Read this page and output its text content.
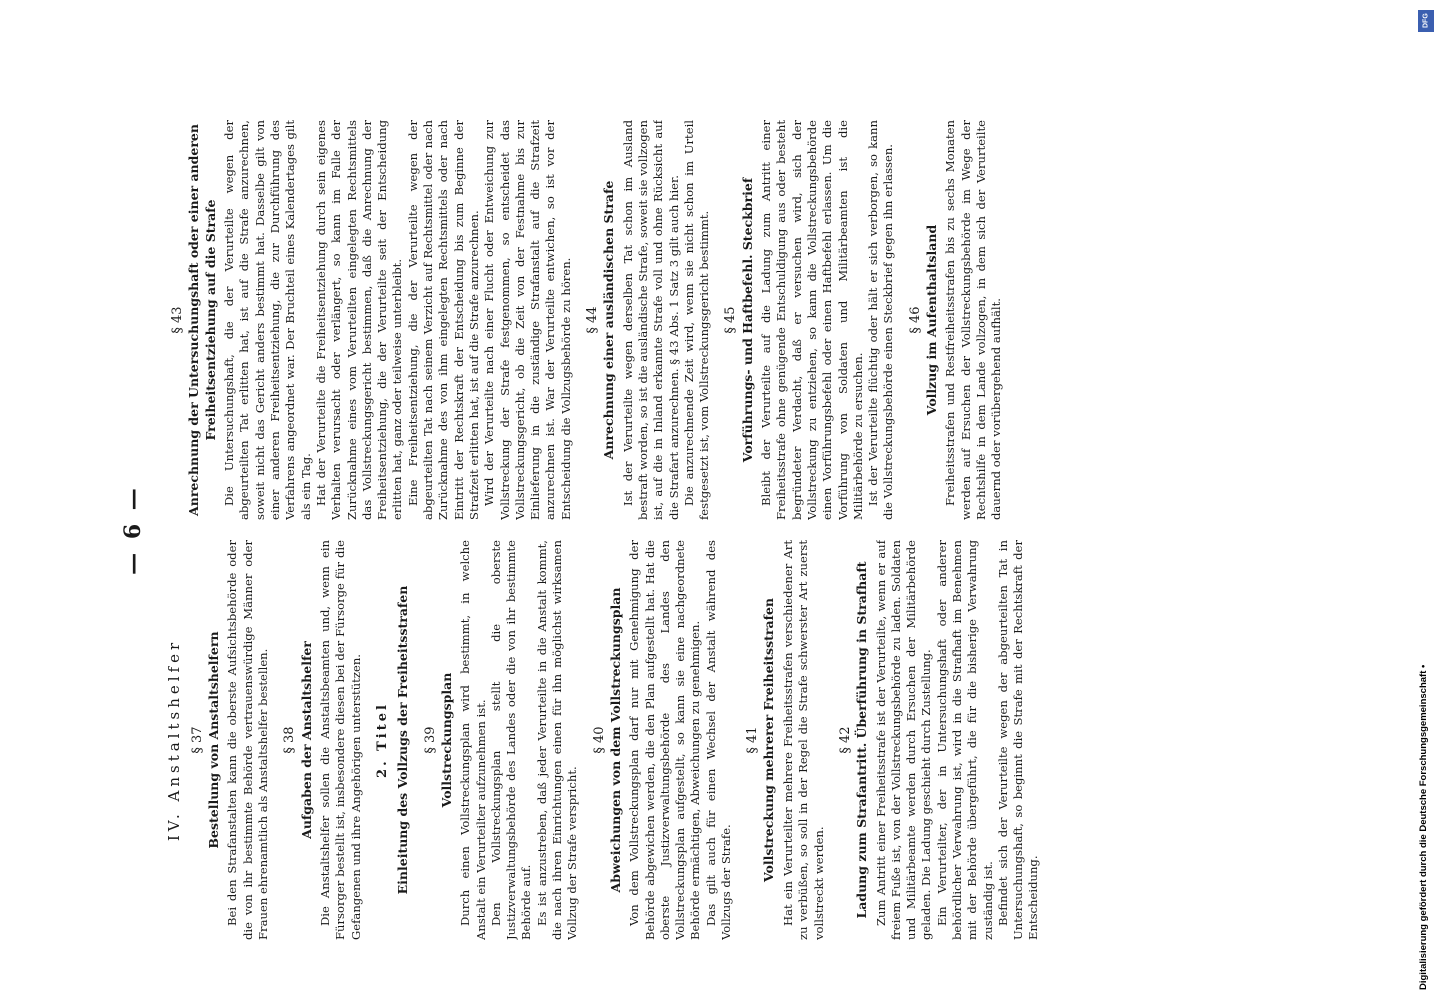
— 6 —
IV. Anstaltshelfer § 37 Bestellung von Anstaltshelfern Bei den Strafanstalten kann die oberste Aufsichtsbehörde oder die von ihr bestimmte Behörde vertrauenswürdige Männer oder Frauen ehrenamtlich als Anstaltshelfer bestellen. § 38 Aufgaben der Anstaltshelfer Die Anstaltshelfer sollen die Anstaltsbeamten und, wenn ein Fürsorger bestellt ist, insbesondere diesen bei der Fürsorge für die Gefangenen und ihre Angehörigen unterstützen. 2. Titel Einleitung des Vollzugs der Freiheitsstrafen § 39 Vollstreckungsplan Durch einen Vollstreckungsplan wird bestimmt, in welche Anstalt ein Verurteilter aufzunehmen ist. Den Vollstreckungsplan stellt die oberste Justizverwaltungsbehörde des Landes oder die von ihr bestimmte Behörde auf. Es ist anzustreben, daß jeder Verurteilte in die Anstalt kommt, die nach ihren Einrichtungen einen für ihn möglichst wirksamen Vollzug der Strafe verspricht.

§ 40 Abweichungen von dem Vollstreckungsplan Von dem Vollstreckungsplan darf nur mit Genehmigung der Behörde abgewichen werden, die den Plan aufgestellt hat. Hat die oberste Justizverwaltungsbehörde des Landes den Vollstreckungsplan aufgestellt, so kann sie eine nachgeordnete Behörde ermächtigen, Abweichungen zu genehmigen. Das gilt auch für einen Wechsel der Anstalt während des Vollzugs der Strafe.

§ 41 Vollstreckung mehrerer Freiheitsstrafen Hat ein Verurteilter mehrere Freiheitsstrafen verschiedener Art zu verbüßen, so soll in der Regel die Strafe schwerster Art zuerst vollstreckt werden.

§ 42 Ladung zum Strafantritt. Überführung in Strafhaft Zum Antritt einer Freiheitsstrafe ist der Verurteilte, wenn er auf freiem Fuße ist, von der Vollstreckungsbehörde zu laden. Soldaten und Militärbeamte werden durch Ersuchen der Militärbehörde geladen. Die Ladung geschieht durch Zustellung. Ein Verurteilter, der in Untersuchungshaft oder anderer behördlicher Verwahrung ist, wird in die Strafhaft im Benehmen mit der Behörde übergeführt, die für die bisherige Verwahrung zuständig ist. Befindet sich der Verurteilte wegen der abgeurteilten Tat in Untersuchungshaft, so beginnt die Strafe mit der Rechtskraft der Entscheidung.

§ 43 Anrechnung der Untersuchungshaft oder einer anderen Freiheitsentziehung auf die Strafe Die Untersuchungshaft, die der Verurteilte wegen der abgeurteilten Tat erlitten hat, ist auf die Strafe anzurechnen, soweit nicht das Gericht anders bestimmt hat. Dasselbe gilt von einer anderen Freiheitsentziehung, die zur Durchführung des Verfahrens angeordnet war. Der Bruchteil eines Kalendertages gilt als ein Tag. Hat der Verurteilte die Freiheitsentziehung durch sein eigenes Verhalten verursacht oder verlängert, so kann im Falle der Zurücknahme eines vom Verurteilten eingelegten Rechtsmittels das Vollstreckungsgericht bestimmen, daß die Anrechnung der Freiheitsentziehung, die der Verurteilte seit der Entscheidung erlitten hat, ganz oder teilweise unterbleibt. Eine Freiheitsentziehung, die der Verurteilte wegen der abgeurteilten Tat nach seinem Verzicht auf Rechtsmittel oder nach Zurücknahme des von ihm eingelegten Rechtsmittels oder nach Eintritt der Rechtskraft der Entscheidung bis zum Beginne der Strafzeit erlitten hat, ist auf die Strafe anzurechnen. Wird der Verurteilte nach einer Flucht oder Entweichung zur Vollstreckung der Strafe festgenommen, so entscheidet das Vollstreckungsgericht, ob die Zeit von der Festnahme bis zur Einlieferung in die zuständige Strafanstalt auf die Strafzeit anzurechnen ist. War der Verurteilte entwichen, so ist vor der Entscheidung die Vollzugsbehörde zu hören. § 44 Anrechnung einer ausländischen Strafe Ist der Verurteilte wegen derselben Tat schon im Ausland bestraft worden, so ist die ausländische Strafe, soweit sie vollzogen ist, auf die in Inland erkannte Strafe voll und ohne Rücksicht auf die Strafart anzurechnen. § 43 Abs. 1 Satz 3 gilt auch hier. Die anzurechnende Zeit wird, wenn sie nicht schon im Urteil festgesetzt ist, vom Vollstreckungsgericht bestimmt. § 45 Vorführungs- und Haftbefehl. Steckbrief Bleibt der Verurteilte auf die Ladung zum Antritt einer Freiheitsstrafe ohne genügende Entschuldigung aus oder besteht begründeter Verdacht, daß er versuchen wird, sich der Vollstreckung zu entziehen, so kann die Vollstreckungsbehörde einen Vorführungsbefehl oder einen Haftbefehl erlassen. Um die Vorführung von Soldaten und Militärbeamten ist die Militärbehörde zu ersuchen. Ist der Verurteilte flüchtig oder hält er sich verborgen, so kann die Vollstreckungsbehörde einen Steckbrief gegen ihn erlassen. § 46 Vollzug im Aufenthaltsland Freiheitsstrafen und Restfreiheitsstrafen bis zu sechs Monaten werden auf Ersuchen der Vollstreckungsbehörde im Wege der Rechtshilfe in dem Lande vollzogen, in dem sich der Verurteilte dauernd oder vorübergehend aufhält.

DFG
Digitalisierung gefördert durch die Deutsche Forschungsgemeinschaft •
